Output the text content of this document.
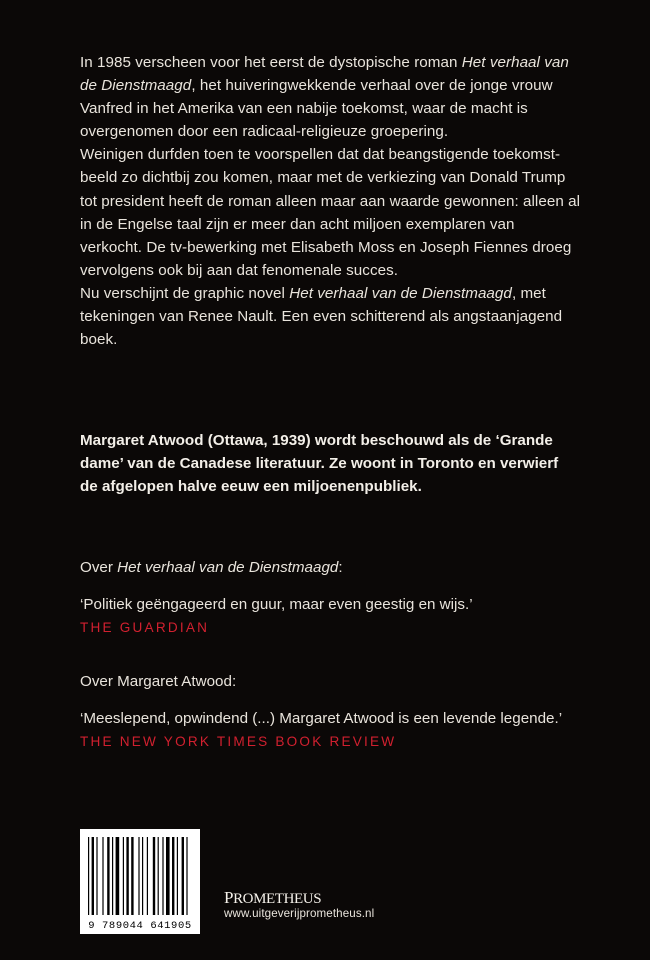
In 1985 verscheen voor het eerst de dystopische roman Het verhaal van de Dienstmaagd, het huiveringwekkende verhaal over de jonge vrouw Vanfred in het Amerika van een nabije toekomst, waar de macht is overgenomen door een radicaal-religieuze groepering.

Weinigen durfden toen te voorspellen dat dat beangstigende toekomst-beeld zo dichtbij zou komen, maar met de verkiezing van Donald Trump tot president heeft de roman alleen maar aan waarde gewonnen: alleen al in de Engelse taal zijn er meer dan acht miljoen exemplaren van verkocht. De tv-bewerking met Elisabeth Moss en Joseph Fiennes droeg vervolgens ook bij aan dat fenomenale succes.

Nu verschijnt de graphic novel Het verhaal van de Dienstmaagd, met tekeningen van Renee Nault. Een even schitterend als angstaanjagend boek.

Margaret Atwood (Ottawa, 1939) wordt beschouwd als de ‘Grande dame’ van de Canadese literatuur. Ze woont in Toronto en verwierf de afgelopen halve eeuw een miljoenenpubliek.
Over Het verhaal van de Dienstmaagd:
‘Politiek geëngageerd en guur, maar even geestig en wijs.’
THE GUARDIAN
Over Margaret Atwood:
‘Meeslepend, opwindend (...) Margaret Atwood is een levende legende.’
THE NEW YORK TIMES BOOK REVIEW
9 789044 641905
PROMETHEUS
www.uitgeverijprometheus.nl
